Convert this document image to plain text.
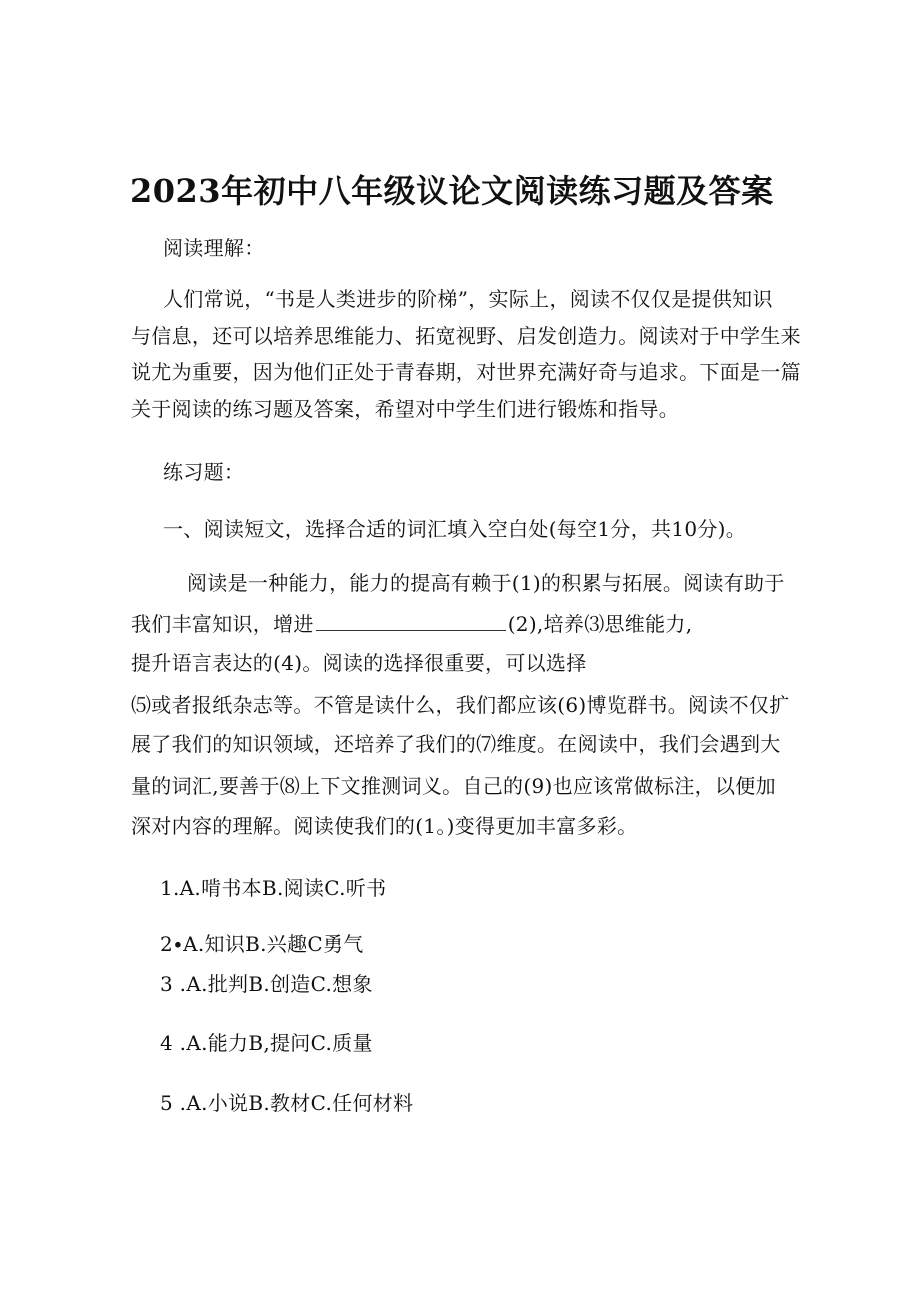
2023年初中八年级议论文阅读练习题及答案
阅读理解：
人们常说，“书是人类进步的阶梯”，实际上，阅读不仅仅是提供知识
与信息，还可以培养思维能力、拓宽视野、启发创造力。阅读对于中学生来
说尤为重要，因为他们正处于青春期，对世界充满好奇与追求。下面是一篇
关于阅读的练习题及答案，希望对中学生们进行锻炼和指导。
练习题：
一、阅读短文，选择合适的词汇填入空白处(每空1分，共10分)。
阅读是一种能力，能力的提高有赖于(1)的积累与拓展。阅读有助于
我们丰富知识，增进	(2),培养⑶思维能力,
提升语言表达的(4)。阅读的选择很重要，可以选择
⑸或者报纸杂志等。不管是读什么，我们都应该(6)博览群书。阅读不仅扩
展了我们的知识领域，还培养了我们的⑺维度。在阅读中，我们会遇到大
量的词汇,要善于⑻上下文推测词义。自己的(9)也应该常做标注，以便加
深对内容的理解。阅读使我们的(1。)变得更加丰富多彩。
1.A.啃书本B.阅读C.听书
2∙A.知识B.兴趣C勇气
3 .A.批判B.创造C.想象
4 .A.能力B,提问C.质量
5 .A.小说B.教材C.任何材料
